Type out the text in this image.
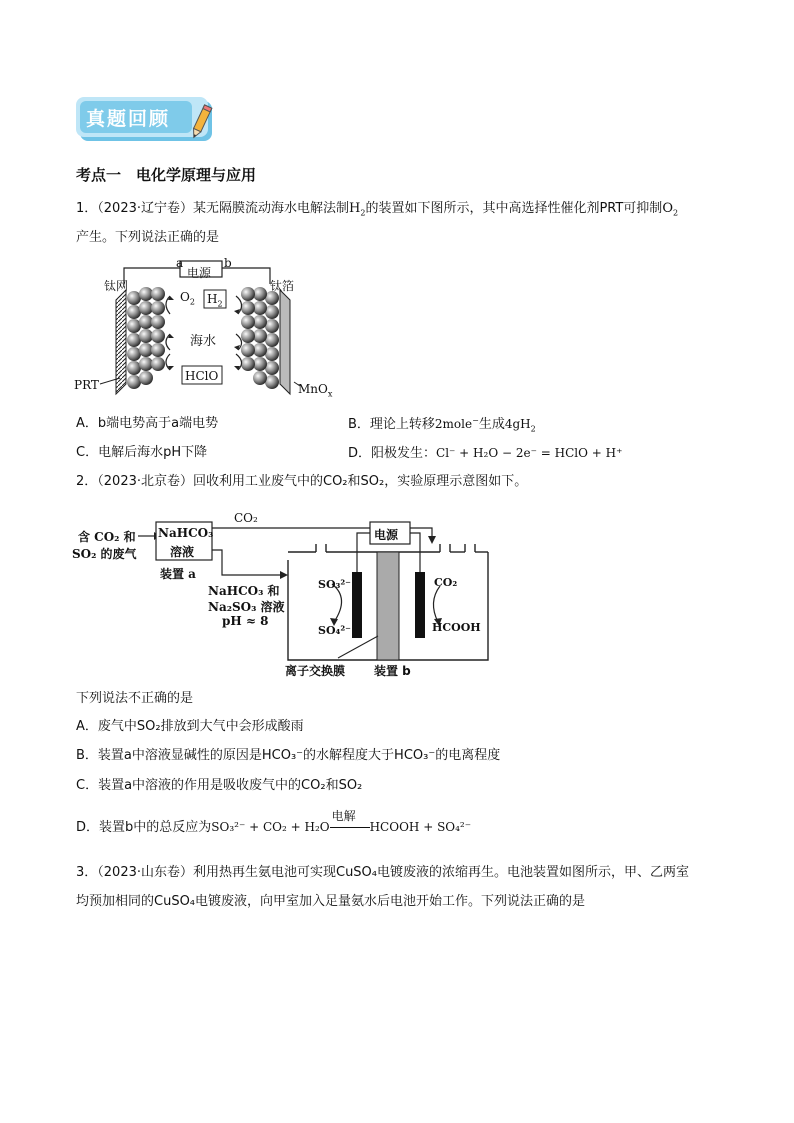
真题回顾
考点一　电化学原理与应用
1．（2023·辽宁卷）某无隔膜流动海水电解法制$H_2$的装置如下图所示，其中高选择性催化剂PRT可抑制$O_2$
产生。下列说法正确的是
a	b
电源
钛网	钛箔
$O_2$ $H_2$
海水
HClO
PRT	MnO$_x$
A．b端电势高于a端电势	B．理论上转移2mole−生成$4gH_2$
C．电解后海水pH下降	D．阳极发生：Cl⁻ + H₂O − 2e⁻ = HClO + H⁺
2．（2023·北京卷）回收利用工业废气中的CO₂和SO₂，实验原理示意图如下。
含 CO₂ 和
SO₂ 的废气
NaHCO₃
溶液
装置 a
CO₂
电源
NaHCO₃ 和
Na₂SO₃ 溶液
pH ≈ 8
SO₃²⁻
SO₄²⁻
CO₂
HCOOH
离子交换膜 装置 b
下列说法不正确的是
A．废气中SO₂排放到大气中会形成酸雨
B．装置a中溶液显碱性的原因是HCO₃⁻的水解程度大于HCO₃⁻的电离程度
C．装置a中溶液的作用是吸收废气中的CO₂和SO₂
D．装置b中的总反应为SO₃²⁻ + CO₂ + H₂O
电解
HCOOH + SO₄²⁻
3．（2023·山东卷）利用热再生氨电池可实现CuSO₄电镀废液的浓缩再生。电池装置如图所示，甲、乙两室
均预加相同的CuSO₄电镀废液，向甲室加入足量氨水后电池开始工作。下列说法正确的是
